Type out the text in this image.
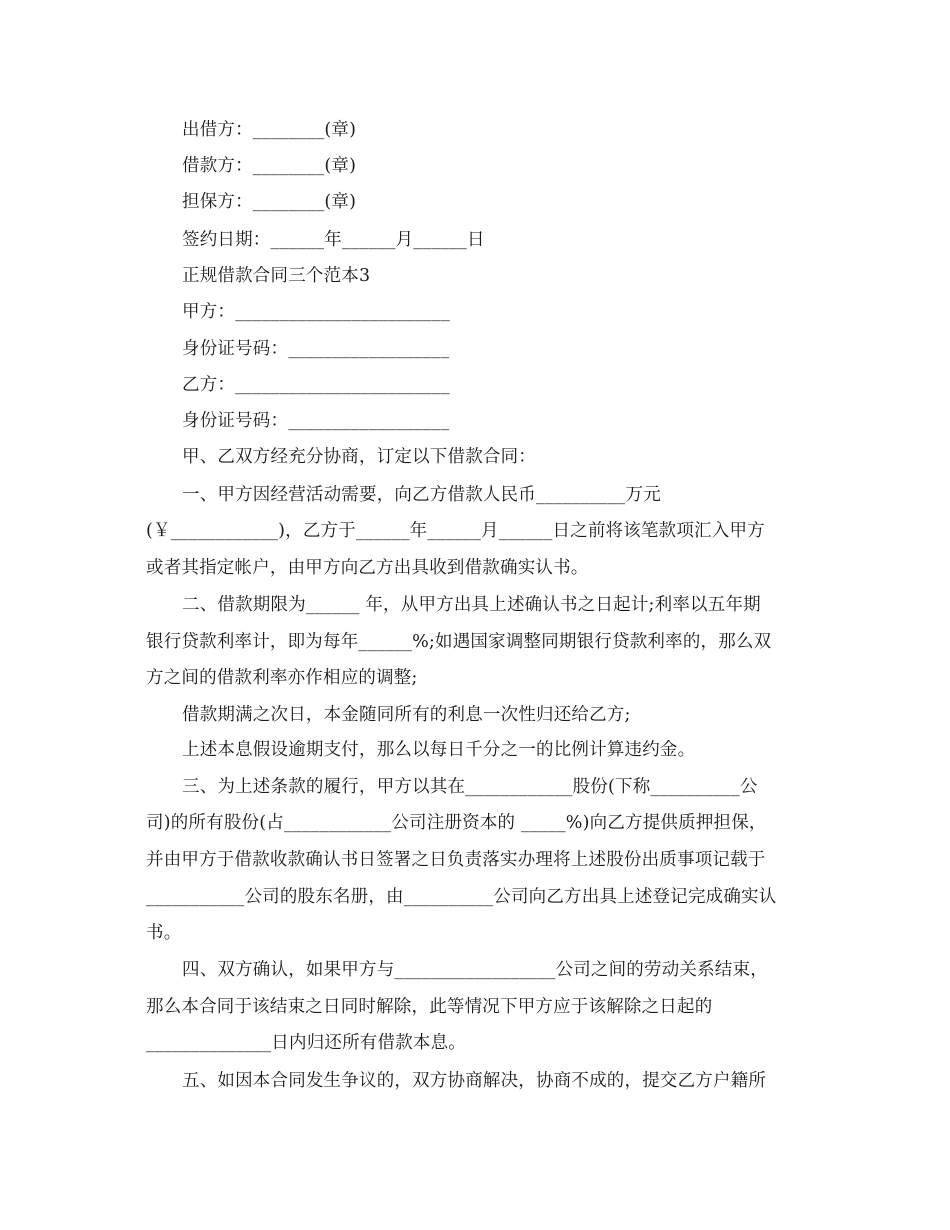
出借方：________(章)
借款方：________(章)
担保方：________(章)
签约日期：______年______月______日
正规借款合同三个范本3
甲方：________________________
身份证号码：__________________
乙方：________________________
身份证号码：__________________
甲、乙双方经充分协商，订定以下借款合同：
一、甲方因经营活动需要，向乙方借款人民币__________万元
(￥____________)，乙方于______年______月______日之前将该笔款项汇入甲方
或者其指定帐户，由甲方向乙方出具收到借款确实认书。
二、借款期限为______ 年，从甲方出具上述确认书之日起计;利率以五年期
银行贷款利率计，即为每年______%;如遇国家调整同期银行贷款利率的，那么双
方之间的借款利率亦作相应的调整;
借款期满之次日，本金随同所有的利息一次性归还给乙方;
上述本息假设逾期支付，那么以每日千分之一的比例计算违约金。
三、为上述条款的履行，甲方以其在____________股份(下称__________公
司)的所有股份(占____________公司注册资本的 _____%)向乙方提供质押担保，
并由甲方于借款收款确认书日签署之日负责落实办理将上述股份出质事项记载于
___________公司的股东名册，由__________公司向乙方出具上述登记完成确实认
书。
四、双方确认，如果甲方与__________________公司之间的劳动关系结束，
那么本合同于该结束之日同时解除，此等情况下甲方应于该解除之日起的
______________日内归还所有借款本息。
五、如因本合同发生争议的，双方协商解决，协商不成的，提交乙方户籍所
